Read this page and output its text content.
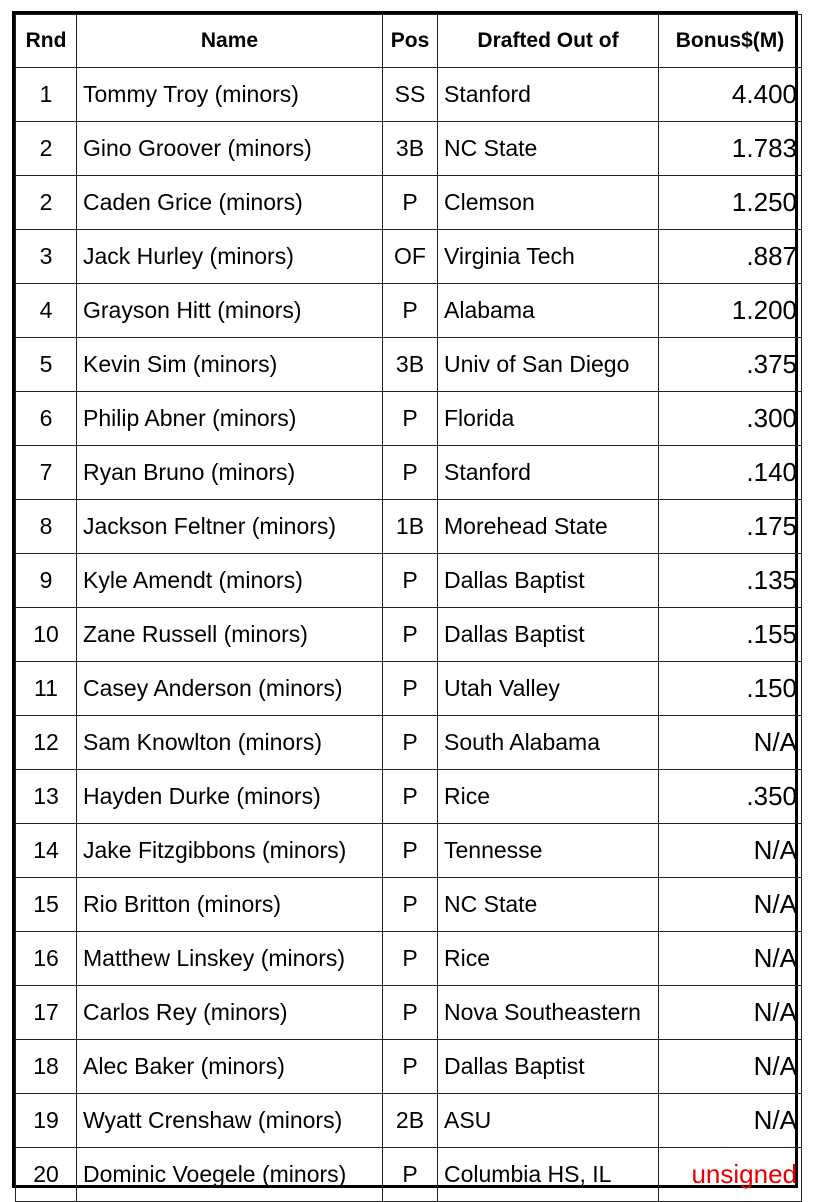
Rnd	Name	Pos	Drafted Out of	Bonus$(M)
1	Tommy Troy (minors)	SS	Stanford	4.400
2	Gino Groover (minors)	3B	NC State	1.783
2	Caden Grice (minors)	P	Clemson	1.250
3	Jack Hurley (minors)	OF	Virginia Tech	.887
4	Grayson Hitt (minors)	P	Alabama	1.200
5	Kevin Sim (minors)	3B	Univ of San Diego	.375
6	Philip Abner (minors)	P	Florida	.300
7	Ryan Bruno (minors)	P	Stanford	.140
8	Jackson Feltner (minors)	1B	Morehead State	.175
9	Kyle Amendt (minors)	P	Dallas Baptist	.135
10	Zane Russell (minors)	P	Dallas Baptist	.155
11	Casey Anderson (minors)	P	Utah Valley	.150
12	Sam Knowlton (minors)	P	South Alabama	N/A
13	Hayden Durke (minors)	P	Rice	.350
14	Jake Fitzgibbons (minors)	P	Tennesse	N/A
15	Rio Britton (minors)	P	NC State	N/A
16	Matthew Linskey (minors)	P	Rice	N/A
17	Carlos Rey (minors)	P	Nova Southeastern	N/A
18	Alec Baker (minors)	P	Dallas Baptist	N/A
19	Wyatt Crenshaw (minors)	2B	ASU	N/A
20	Dominic Voegele (minors)	P	Columbia HS, IL	unsigned
